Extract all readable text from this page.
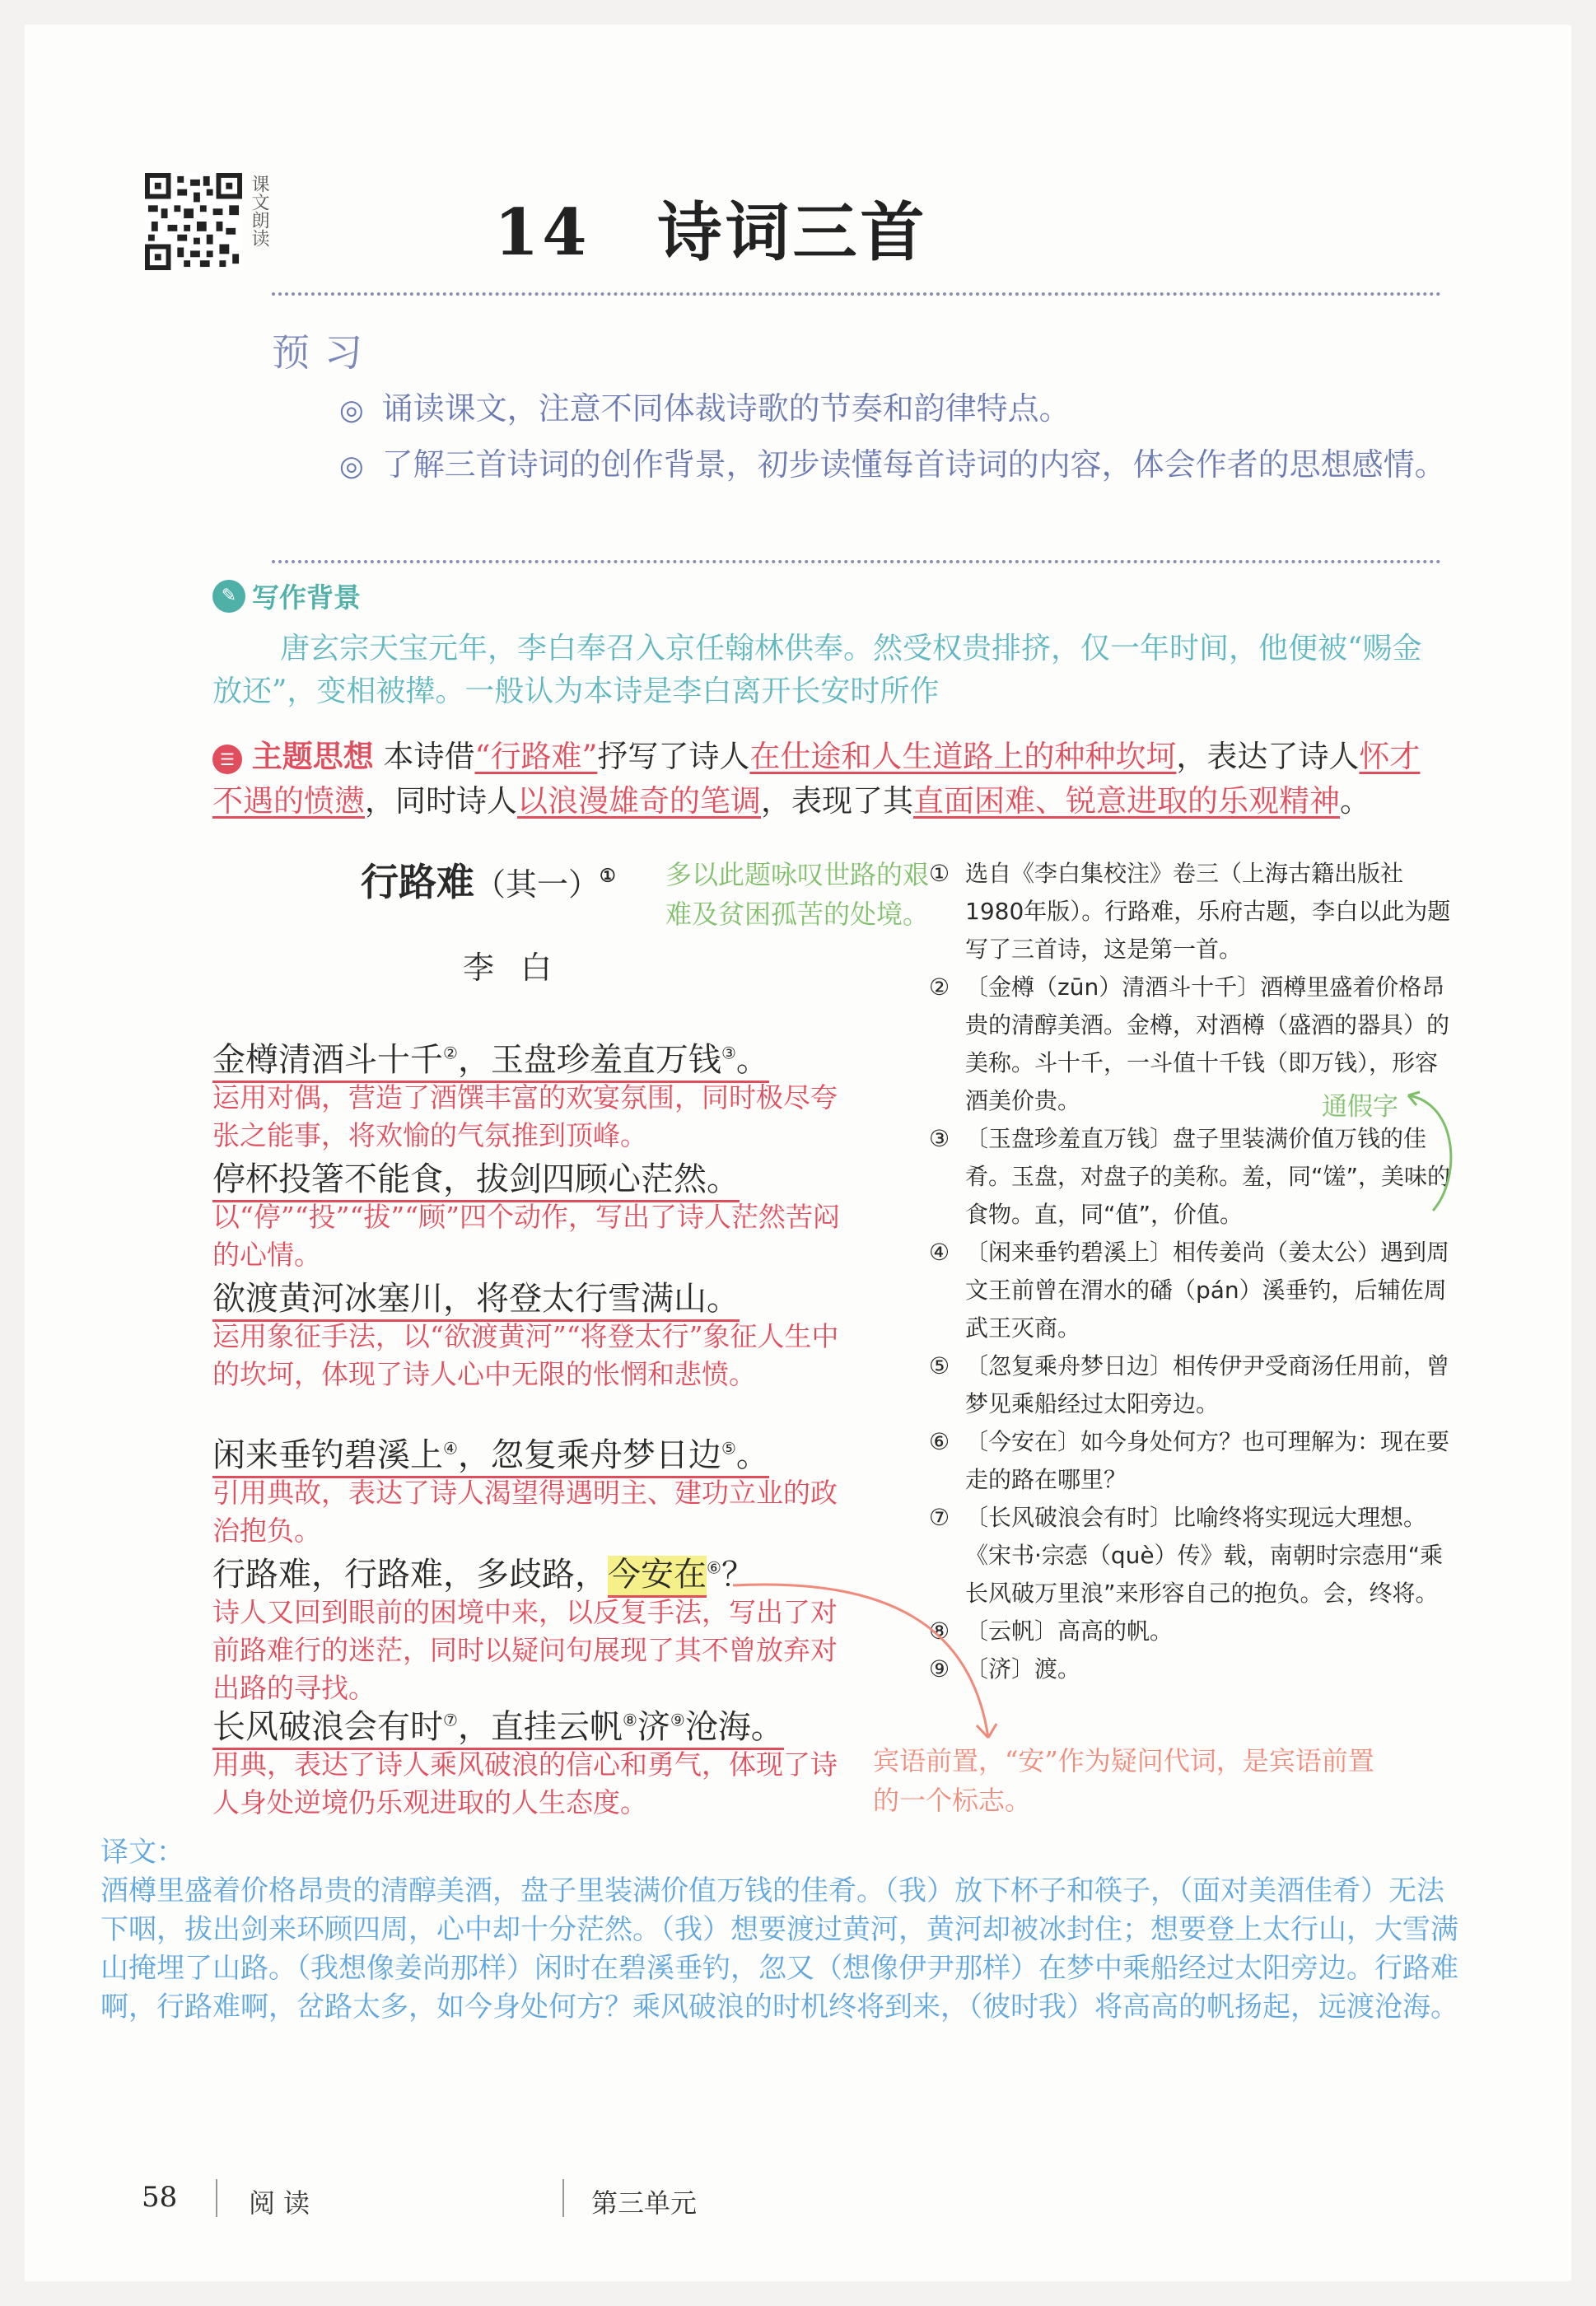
课文朗读	14　诗词三首
预习
◎ 诵读课文，注意不同体裁诗歌的节奏和韵律特点。
◎ 了解三首诗词的创作背景，初步读懂每首诗词的内容，体会作者的思想感情。
✎ 写作背景
唐玄宗天宝元年，李白奉召入京任翰林供奉。然受权贵排挤，仅一年时间，他便被“赐金放还”，变相被撵。一般认为本诗是李白离开长安时所作
☰ 主题思想 本诗借“行路难”抒写了诗人在仕途和人生道路上的种种坎坷，表达了诗人怀才不遇的愤懑，同时诗人以浪漫雄奇的笔调，表现了其直面困难、锐意进取的乐观精神。
行路难（其一）①
李白
多以此题咏叹世路的艰难及贫困孤苦的处境。
金樽清酒斗十千②，玉盘珍羞直万钱③。
运用对偶，营造了酒馔丰富的欢宴氛围，同时极尽夸张之能事，将欢愉的气氛推到顶峰。
停杯投箸不能食，拔剑四顾心茫然。
以“停”“投”“拔”“顾”四个动作，写出了诗人茫然苦闷的心情。
欲渡黄河冰塞川，将登太行雪满山。
运用象征手法，以“欲渡黄河”“将登太行”象征人生中的坎坷，体现了诗人心中无限的怅惘和悲愤。
闲来垂钓碧溪上④，忽复乘舟梦日边⑤。
引用典故，表达了诗人渴望得遇明主、建功立业的政治抱负。
行路难，行路难，多歧路，今安在⑥？
诗人又回到眼前的困境中来，以反复手法，写出了对前路难行的迷茫，同时以疑问句展现了其不曾放弃对出路的寻找。
长风破浪会有时⑦，直挂云帆⑧济⑨沧海。
用典，表达了诗人乘风破浪的信心和勇气，体现了诗人身处逆境仍乐观进取的人生态度。
① 选自《李白集校注》卷三（上海古籍出版社1980年版）。行路难，乐府古题，李白以此为题写了三首诗，这是第一首。
② 〔金樽（zūn）清酒斗十千〕酒樽里盛着价格昂贵的清醇美酒。金樽，对酒樽（盛酒的器具）的美称。斗十千，一斗值十千钱（即万钱），形容酒美价贵。
③ 〔玉盘珍羞直万钱〕盘子里装满价值万钱的佳肴。玉盘，对盘子的美称。羞，同“馐”，美味的食物。直，同“值”，价值。
④ 〔闲来垂钓碧溪上〕相传姜尚（姜太公）遇到周文王前曾在渭水的磻（pán）溪垂钓，后辅佐周武王灭商。
⑤ 〔忽复乘舟梦日边〕相传伊尹受商汤任用前，曾梦见乘船经过太阳旁边。
⑥ 〔今安在〕如今身处何方？也可理解为：现在要走的路在哪里？
⑦ 〔长风破浪会有时〕比喻终将实现远大理想。《宋书·宗悫（què）传》载，南朝时宗悫用“乘长风破万里浪”来形容自己的抱负。会，终将。
⑧ 〔云帆〕高高的帆。
⑨ 〔济〕渡。
通假字
宾语前置，“安”作为疑问代词，是宾语前置的一个标志。
译文：
酒樽里盛着价格昂贵的清醇美酒，盘子里装满价值万钱的佳肴。（我）放下杯子和筷子，（面对美酒佳肴）无法下咽，拔出剑来环顾四周，心中却十分茫然。（我）想要渡过黄河，黄河却被冰封住；想要登上太行山，大雪满山掩埋了山路。（我想像姜尚那样）闲时在碧溪垂钓，忽又（想像伊尹那样）在梦中乘船经过太阳旁边。行路难啊，行路难啊，岔路太多，如今身处何方？乘风破浪的时机终将到来，（彼时我）将高高的帆扬起，远渡沧海。
58	阅读	第三单元
